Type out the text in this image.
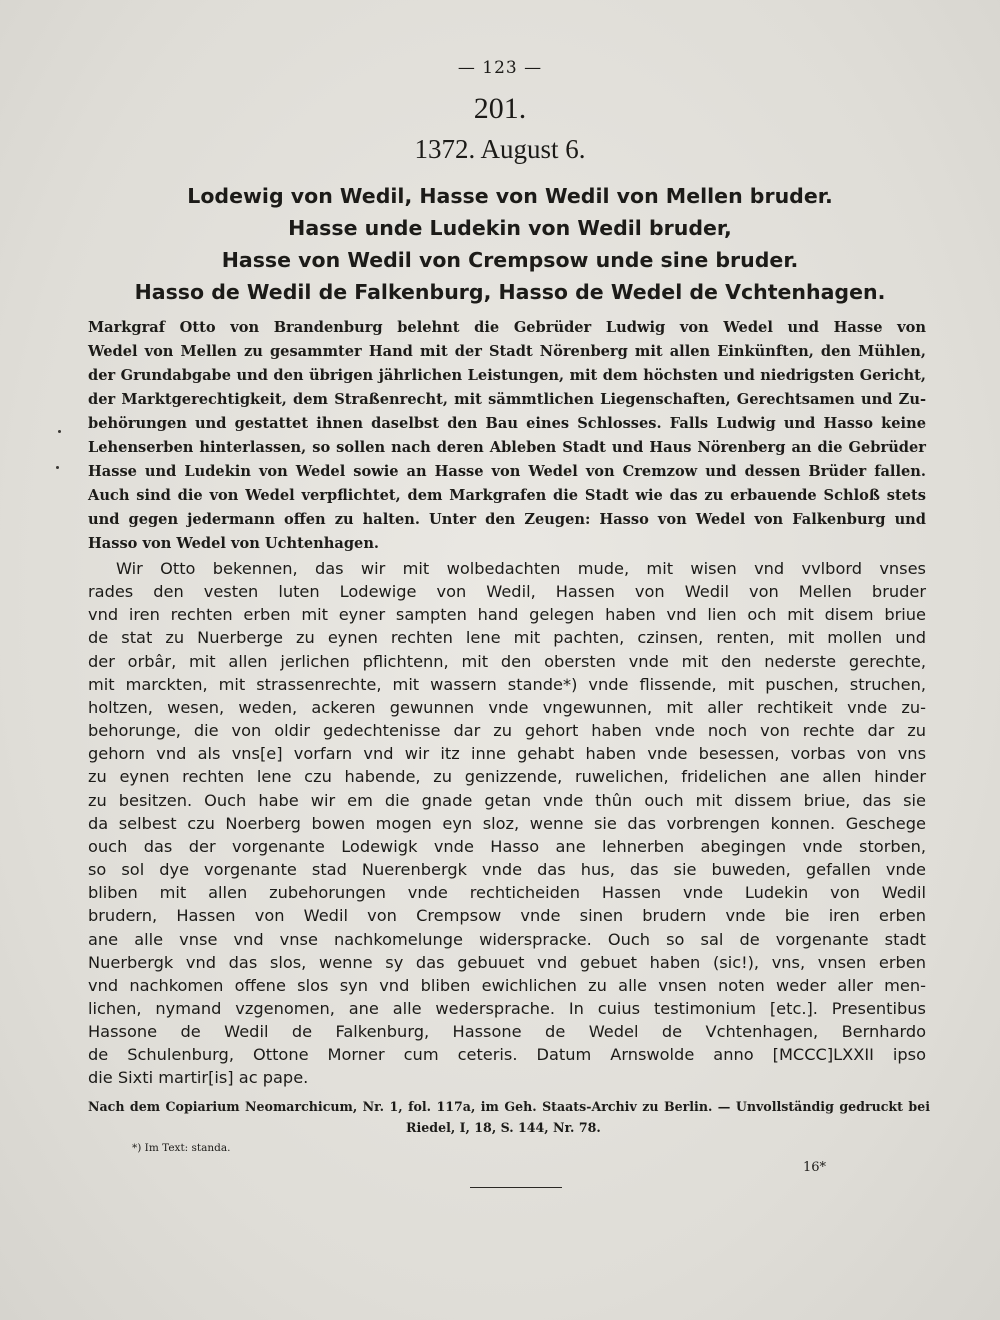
— 123 —
201.
1372. August 6.
Lodewig von Wedil, Hasse von Wedil von Mellen bruder.
Hasse unde Ludekin von Wedil bruder,
Hasse von Wedil von Crempsow unde sine bruder.
Hasso de Wedil de Falkenburg, Hasso de Wedel de Vchtenhagen.
Markgraf Otto von Brandenburg belehnt die Gebrüder Ludwig von Wedel und Hasse von
Wedel von Mellen zu gesammter Hand mit der Stadt Nörenberg mit allen Einkünften, den Mühlen,
der Grundabgabe und den übrigen jährlichen Leistungen, mit dem höchsten und niedrigsten Gericht,
der Marktgerechtigkeit, dem Straßenrecht, mit sämmtlichen Liegenschaften, Gerechtsamen und Zu-
behörungen und gestattet ihnen daselbst den Bau eines Schlosses. Falls Ludwig und Hasso keine
Lehenserben hinterlassen, so sollen nach deren Ableben Stadt und Haus Nörenberg an die Gebrüder
Hasse und Ludekin von Wedel sowie an Hasse von Wedel von Cremzow und dessen Brüder fallen.
Auch sind die von Wedel verpflichtet, dem Markgrafen die Stadt wie das zu erbauende Schloß stets
und gegen jedermann offen zu halten. Unter den Zeugen: Hasso von Wedel von Falkenburg und
Hasso von Wedel von Uchtenhagen.
Wir Otto bekennen, das wir mit wolbedachten mude, mit wisen vnd vvlbord vnses
rades den vesten luten Lodewige von Wedil, Hassen von Wedil von Mellen bruder
vnd iren rechten erben mit eyner sampten hand gelegen haben vnd lien och mit disem briue
de stat zu Nuerberge zu eynen rechten lene mit pachten, czinsen, renten, mit mollen und
der orbâr, mit allen jerlichen pflichtenn, mit den obersten vnde mit den nederste gerechte,
mit marckten, mit strassenrechte, mit wassern stande*) vnde flissende, mit puschen, struchen,
holtzen, wesen, weden, ackeren gewunnen vnde vngewunnen, mit aller rechtikeit vnde zu-
behorunge, die von oldir gedechtenisse dar zu gehort haben vnde noch von rechte dar zu
gehorn vnd als vns[e] vorfarn vnd wir itz inne gehabt haben vnde besessen, vorbas von vns
zu eynen rechten lene czu habende, zu genizzende, ruwelichen, fridelichen ane allen hinder
zu besitzen. Ouch habe wir em die gnade getan vnde thûn ouch mit dissem briue, das sie
da selbest czu Noerberg bowen mogen eyn sloz, wenne sie das vorbrengen konnen. Geschege
ouch das der vorgenante Lodewigk vnde Hasso ane lehnerben abegingen vnde storben,
so sol dye vorgenante stad Nuerenbergk vnde das hus, das sie buweden, gefallen vnde
bliben mit allen zubehorungen vnde rechticheiden Hassen vnde Ludekin von Wedil
brudern, Hassen von Wedil von Crempsow vnde sinen brudern vnde bie iren erben
ane alle vnse vnd vnse nachkomelunge widerspracke. Ouch so sal de vorgenante stadt
Nuerbergk vnd das slos, wenne sy das gebuuet vnd gebuet haben (sic!), vns, vnsen erben
vnd nachkomen offene slos syn vnd bliben ewichlichen zu alle vnsen noten weder aller men-
lichen, nymand vzgenomen, ane alle wedersprache. In cuius testimonium [etc.]. Presentibus
Hassone de Wedil de Falkenburg, Hassone de Wedel de Vchtenhagen, Bernhardo
de Schulenburg, Ottone Morner cum ceteris. Datum Arnswolde anno [MCCC]LXXII ipso
die Sixti martir[is] ac pape.
Nach dem Copiarium Neomarchicum, Nr. 1, fol. 117a, im Geh. Staats-Archiv zu Berlin. — Unvollständig gedruckt bei
Riedel, I, 18, S. 144, Nr. 78.
*) Im Text: standa.
16*
